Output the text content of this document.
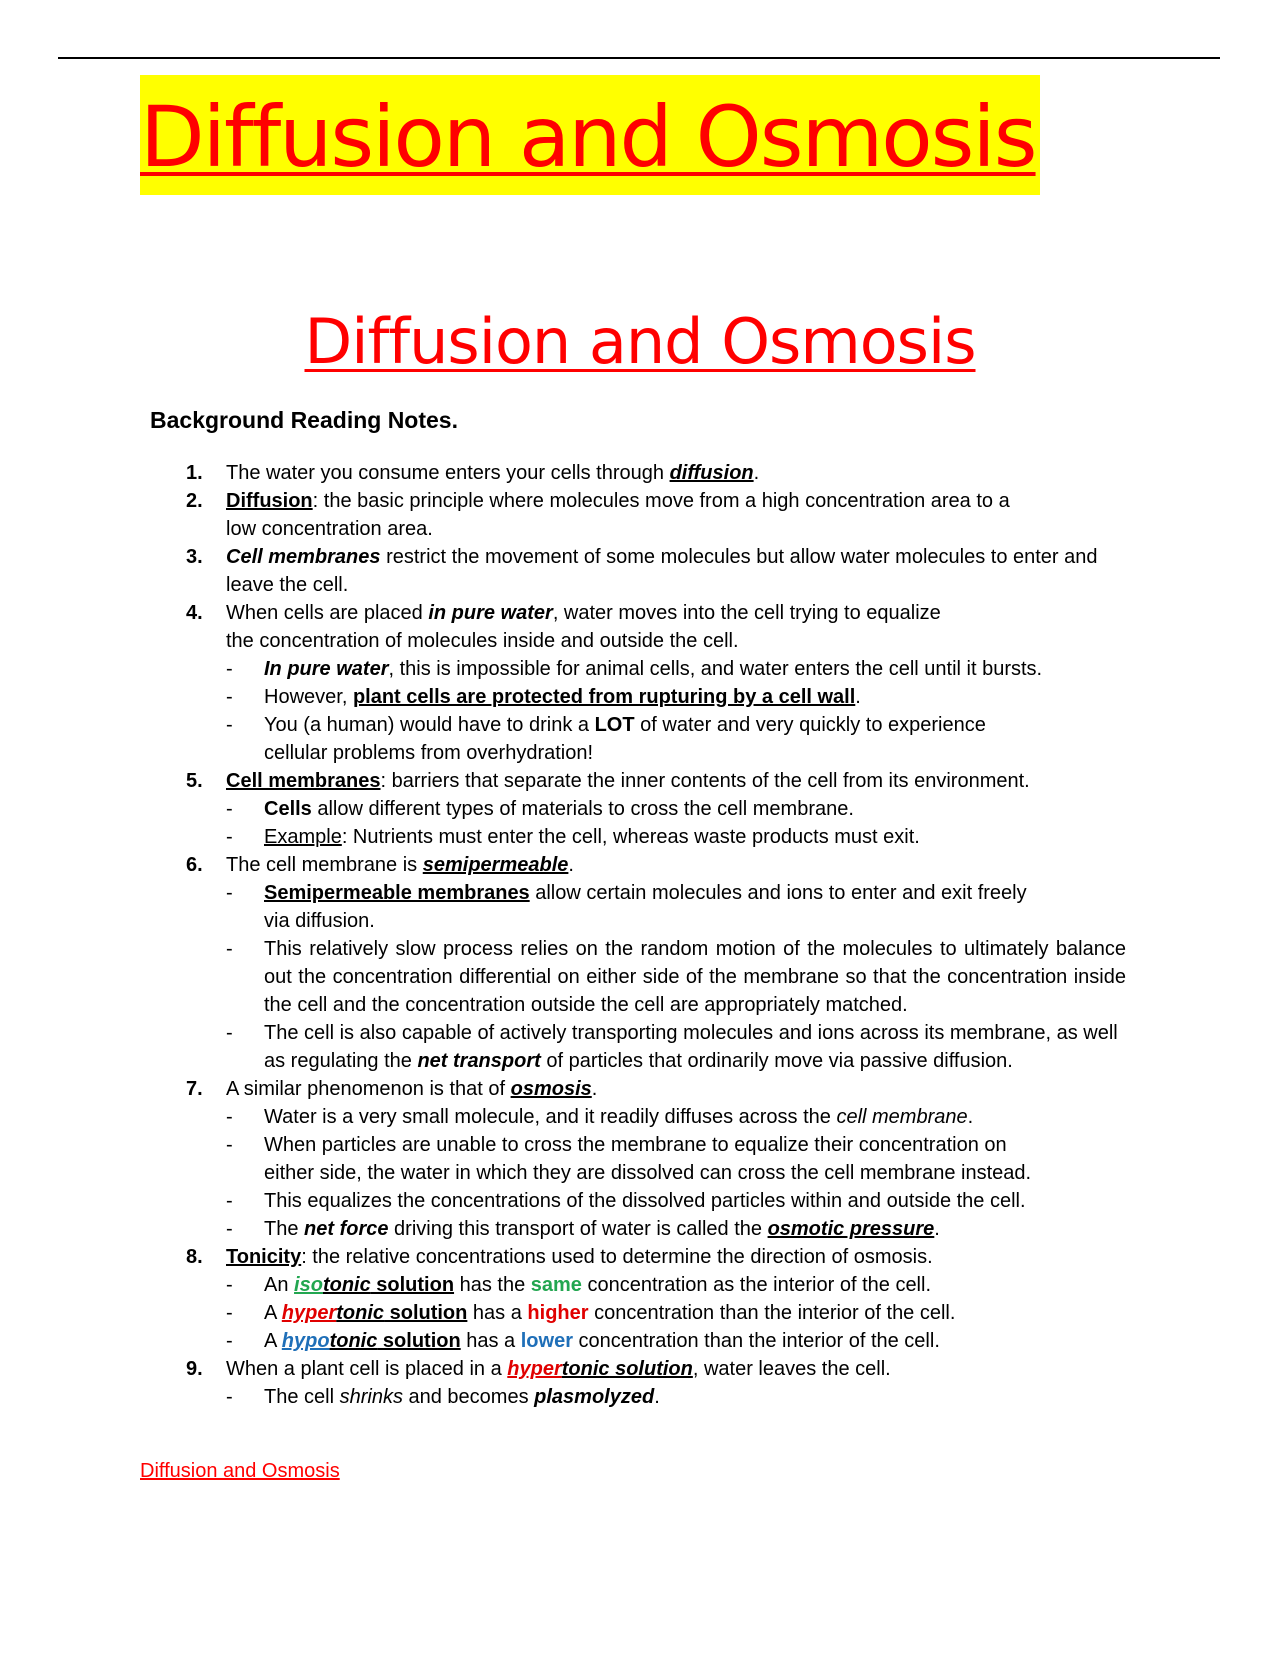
Diffusion and Osmosis
Diffusion and Osmosis
Background Reading Notes.
1. The water you consume enters your cells through diffusion.
2. Diffusion: the basic principle where molecules move from a high concentration area to a
low concentration area.
3. Cell membranes restrict the movement of some molecules but allow water molecules to enter and leave the cell.
4. When cells are placed in pure water, water moves into the cell trying to equalize
the concentration of molecules inside and outside the cell.
- In pure water, this is impossible for animal cells, and water enters the cell until it bursts.
- However, plant cells are protected from rupturing by a cell wall.
- You (a human) would have to drink a LOT of water and very quickly to experience
cellular problems from overhydration!
5. Cell membranes: barriers that separate the inner contents of the cell from its environment.
- Cells allow different types of materials to cross the cell membrane.
- Example: Nutrients must enter the cell, whereas waste products must exit.
6. The cell membrane is semipermeable.
- Semipermeable membranes allow certain molecules and ions to enter and exit freely
via diffusion.
- This relatively slow process relies on the random motion of the molecules to ultimately balance out the concentration differential on either side of the membrane so that the concentration inside the cell and the concentration outside the cell are appropriately matched.
- The cell is also capable of actively transporting molecules and ions across its membrane, as well as regulating the net transport of particles that ordinarily move via passive diffusion.
7. A similar phenomenon is that of osmosis.
- Water is a very small molecule, and it readily diffuses across the cell membrane.
- When particles are unable to cross the membrane to equalize their concentration on
either side, the water in which they are dissolved can cross the cell membrane instead.
- This equalizes the concentrations of the dissolved particles within and outside the cell.
- The net force driving this transport of water is called the osmotic pressure.
8. Tonicity: the relative concentrations used to determine the direction of osmosis.
- An isotonic solution has the same concentration as the interior of the cell.
- A hypertonic solution has a higher concentration than the interior of the cell.
- A hypotonic solution has a lower concentration than the interior of the cell.
9. When a plant cell is placed in a hypertonic solution, water leaves the cell.
- The cell shrinks and becomes plasmolyzed.
Diffusion and Osmosis
